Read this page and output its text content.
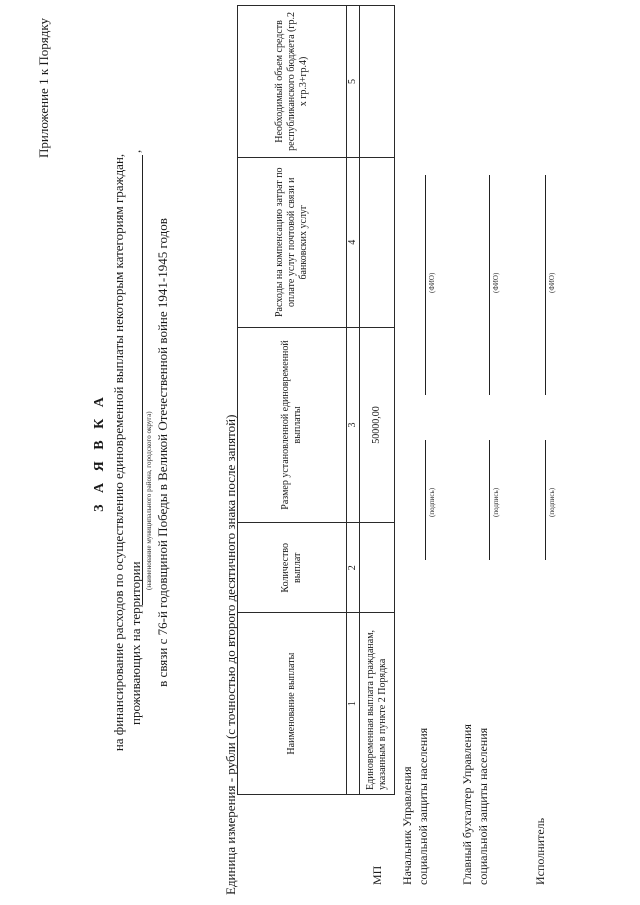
Приложение 1 к Порядку
З А Я В К А на финансирование расходов по осуществлению единовременной выплаты некоторым категориям граждан, проживающих на территории
,
(наименование муниципального района, городского округа) в связи с 76-й годовщиной Победы в Великой Отечественной войне 1941-1945 годов	Единица измерения - рубли (с точностью до второго десятичного знака после запятой)	Наименование выплаты	Количество выплат	Размер установленной единовременной выплаты	Расходы на компенсацию затрат по оплате услуг почтовой связи и банковских услуг	Необходимый объем средств республиканского бюджета (гр.2 х гр.3+гр.4)
1	2	3	4	5
Единовременная выплата гражданам, указанным в пункте 2 Порядка		50000,00		
МП Начальник Управления социальной защиты населения
(подпись)
(ФИО)
Главный бухгалтер Управления социальной защиты населения
(подпись)
(ФИО)
Исполнитель
(подпись)
(ФИО)
